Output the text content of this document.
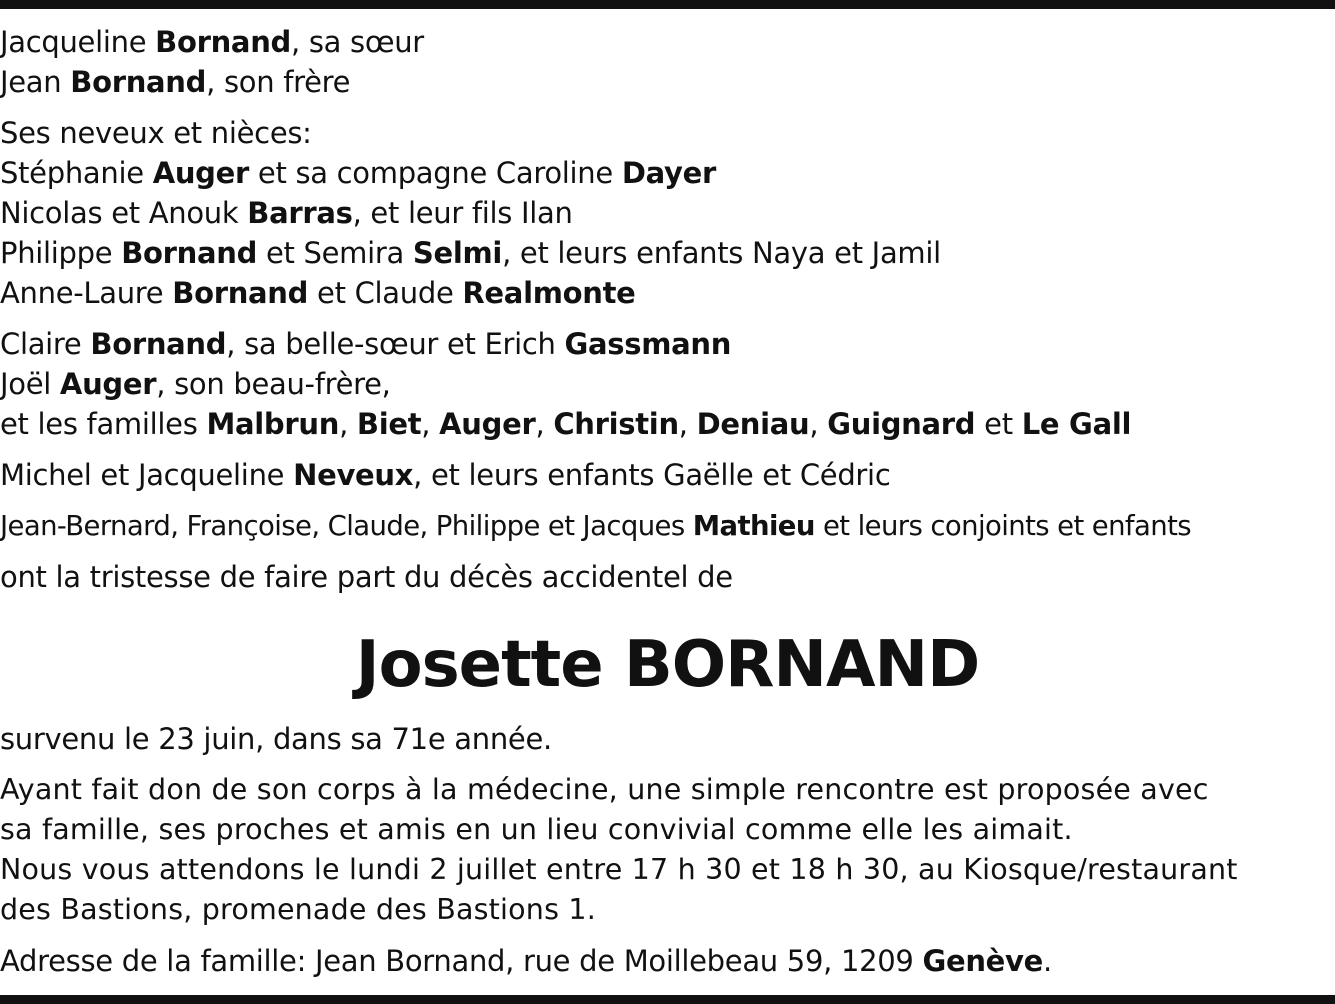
Jacqueline Bornand, sa sœur
Jean Bornand, son frère
Ses neveux et nièces:
Stéphanie Auger et sa compagne Caroline Dayer
Nicolas et Anouk Barras, et leur fils Ilan
Philippe Bornand et Semira Selmi, et leurs enfants Naya et Jamil
Anne-Laure Bornand et Claude Realmonte
Claire Bornand, sa belle-sœur et Erich Gassmann
Joël Auger, son beau-frère,
et les familles Malbrun, Biet, Auger, Christin, Deniau, Guignard et Le Gall
Michel et Jacqueline Neveux, et leurs enfants Gaëlle et Cédric
Jean-Bernard, Françoise, Claude, Philippe et Jacques Mathieu et leurs conjoints et enfants
ont la tristesse de faire part du décès accidentel de
Josette BORNAND
survenu le 23 juin, dans sa 71e année.
Ayant fait don de son corps à la médecine, une simple rencontre est proposée avec
sa famille, ses proches et amis en un lieu convivial comme elle les aimait.
Nous vous attendons le lundi 2 juillet entre 17 h 30 et 18 h 30, au Kiosque/restaurant
des Bastions, promenade des Bastions 1.
Adresse de la famille: Jean Bornand, rue de Moillebeau 59, 1209 Genève.
